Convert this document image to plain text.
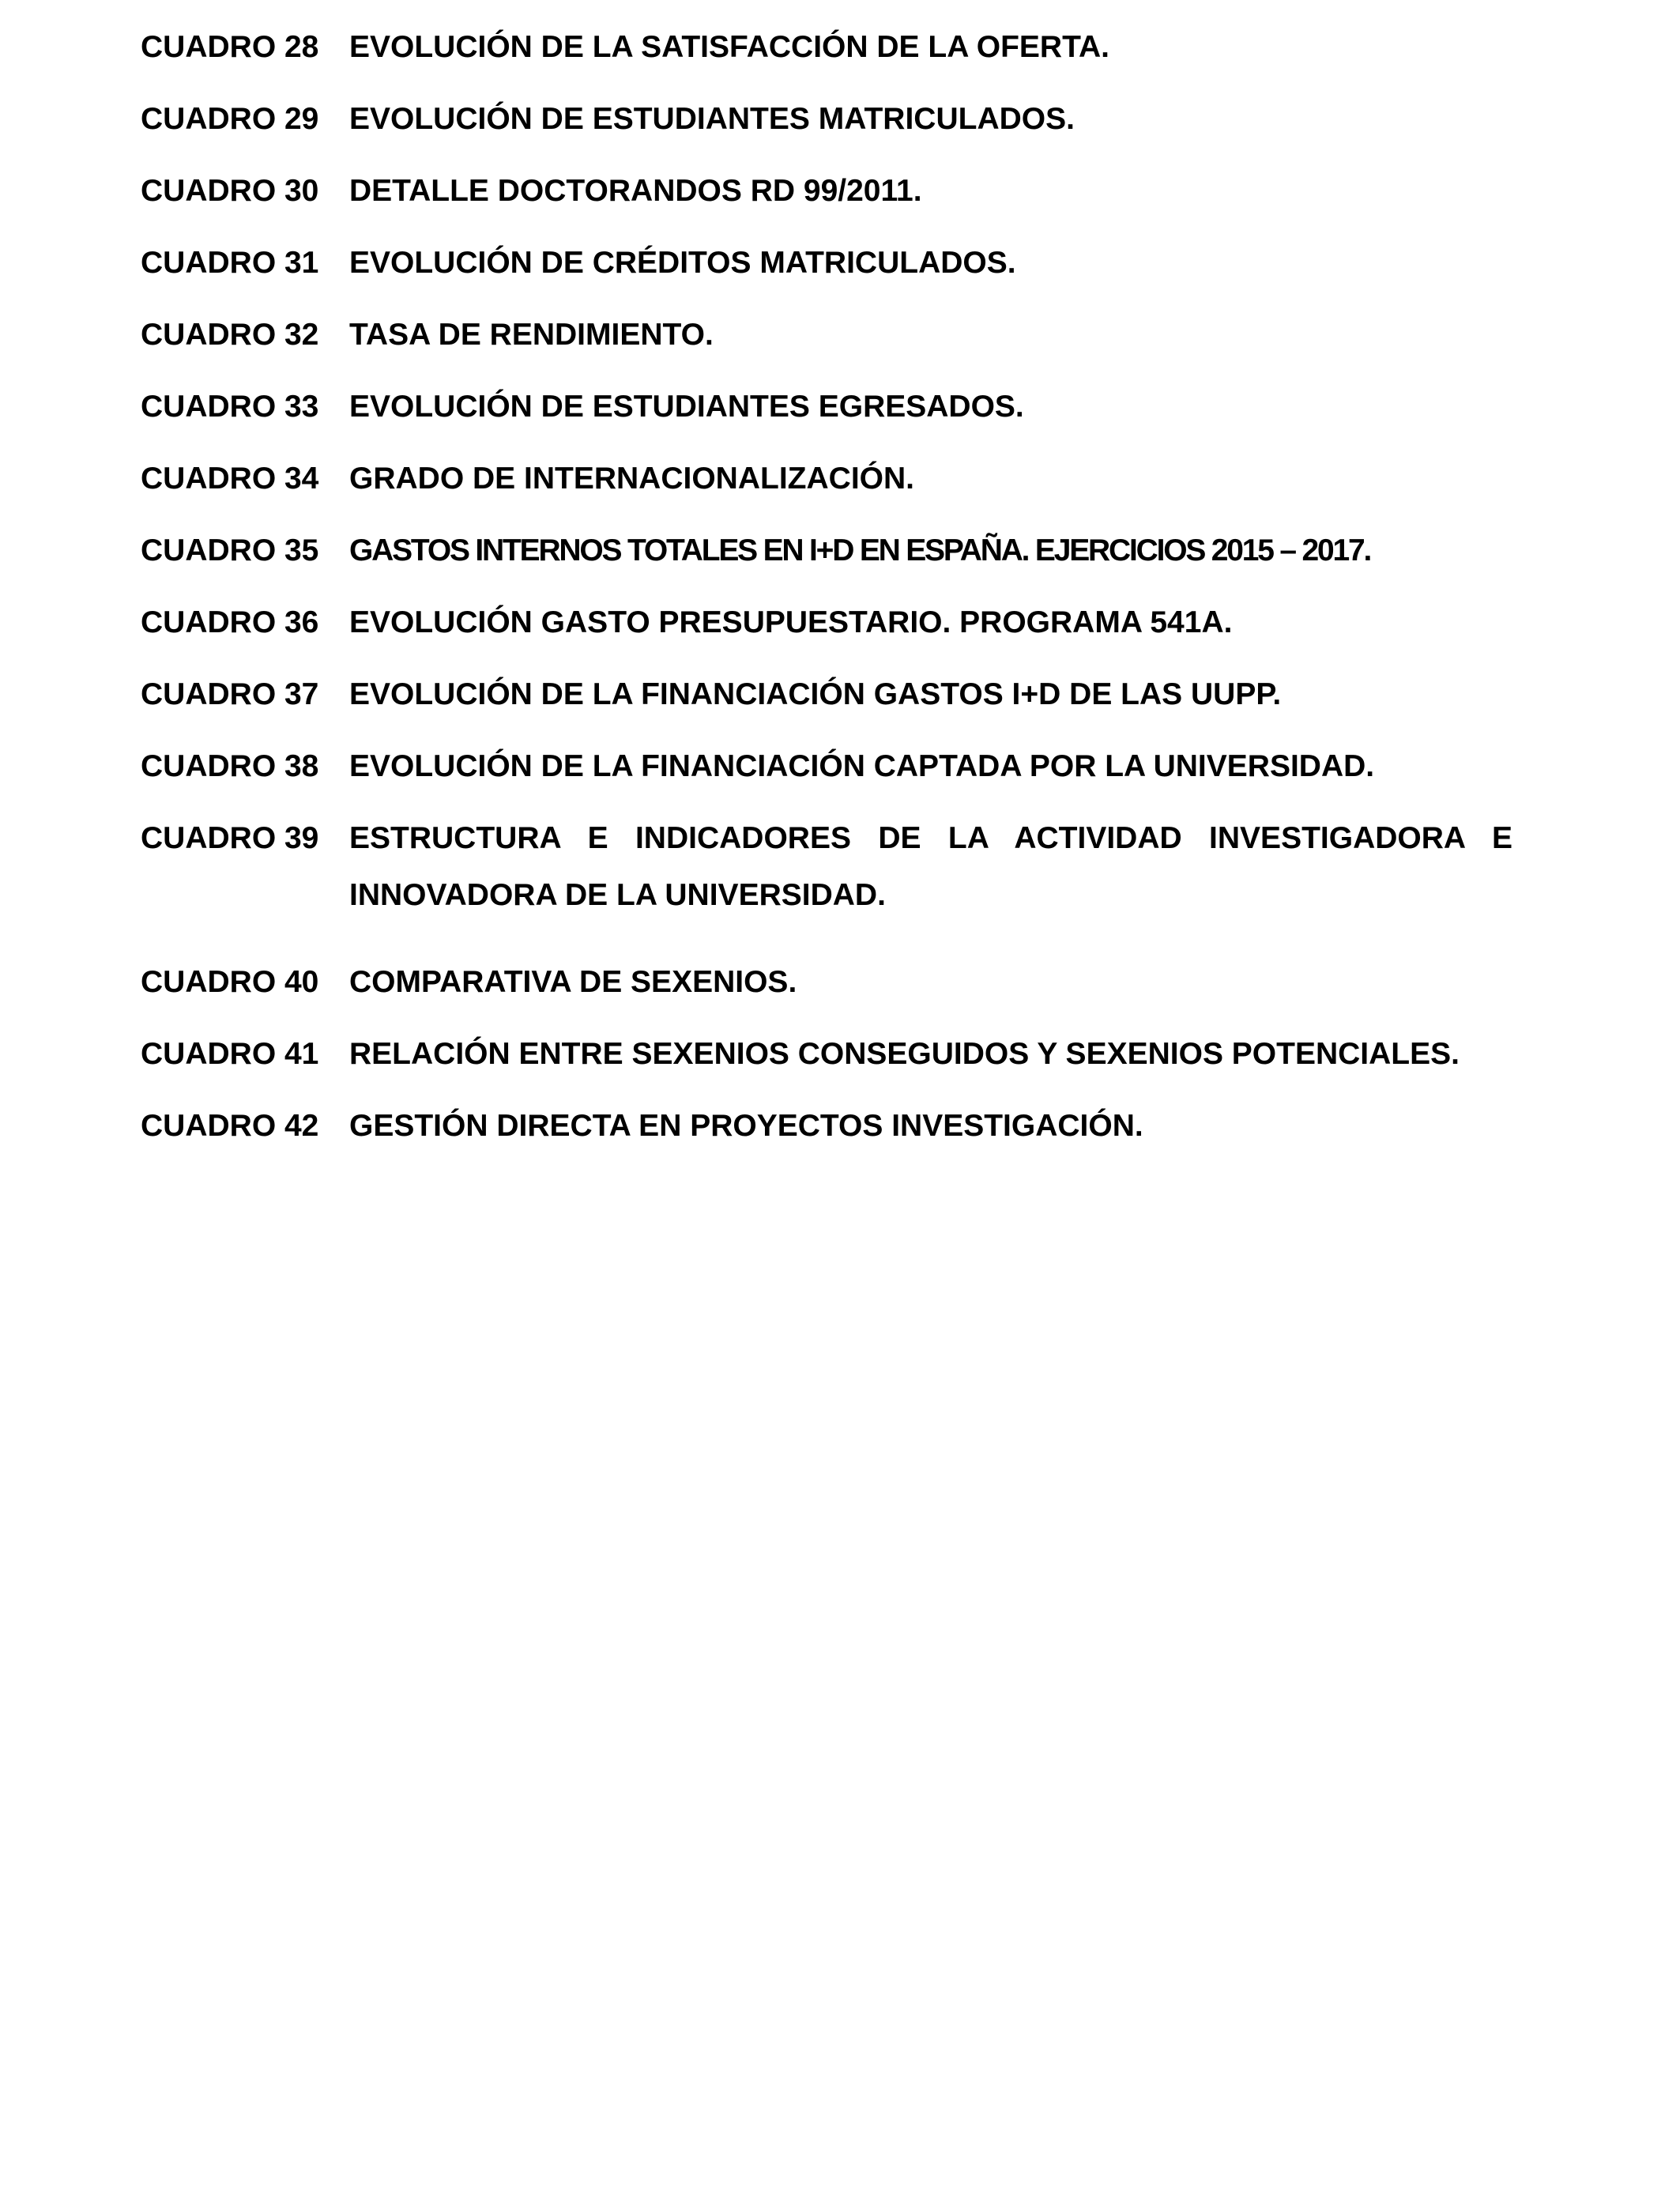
CUADRO 28 EVOLUCIÓN DE LA SATISFACCIÓN DE LA OFERTA.
CUADRO 29 EVOLUCIÓN DE ESTUDIANTES MATRICULADOS.
CUADRO 30 DETALLE DOCTORANDOS RD 99/2011.
CUADRO 31 EVOLUCIÓN DE CRÉDITOS MATRICULADOS.
CUADRO 32 TASA DE RENDIMIENTO.
CUADRO 33 EVOLUCIÓN DE ESTUDIANTES EGRESADOS.
CUADRO 34 GRADO DE INTERNACIONALIZACIÓN.
CUADRO 35 GASTOS INTERNOS TOTALES EN I+D EN ESPAÑA. EJERCICIOS 2015 – 2017.
CUADRO 36 EVOLUCIÓN GASTO PRESUPUESTARIO. PROGRAMA 541A.
CUADRO 37 EVOLUCIÓN DE LA FINANCIACIÓN GASTOS I+D DE LAS UUPP.
CUADRO 38 EVOLUCIÓN DE LA FINANCIACIÓN CAPTADA POR LA UNIVERSIDAD.
CUADRO 39 ESTRUCTURA E INDICADORES DE LA ACTIVIDAD INVESTIGADORA E INNOVADORA DE LA UNIVERSIDAD.
CUADRO 40 COMPARATIVA DE SEXENIOS.
CUADRO 41 RELACIÓN ENTRE SEXENIOS CONSEGUIDOS Y SEXENIOS POTENCIALES.
CUADRO 42 GESTIÓN DIRECTA EN PROYECTOS INVESTIGACIÓN.
